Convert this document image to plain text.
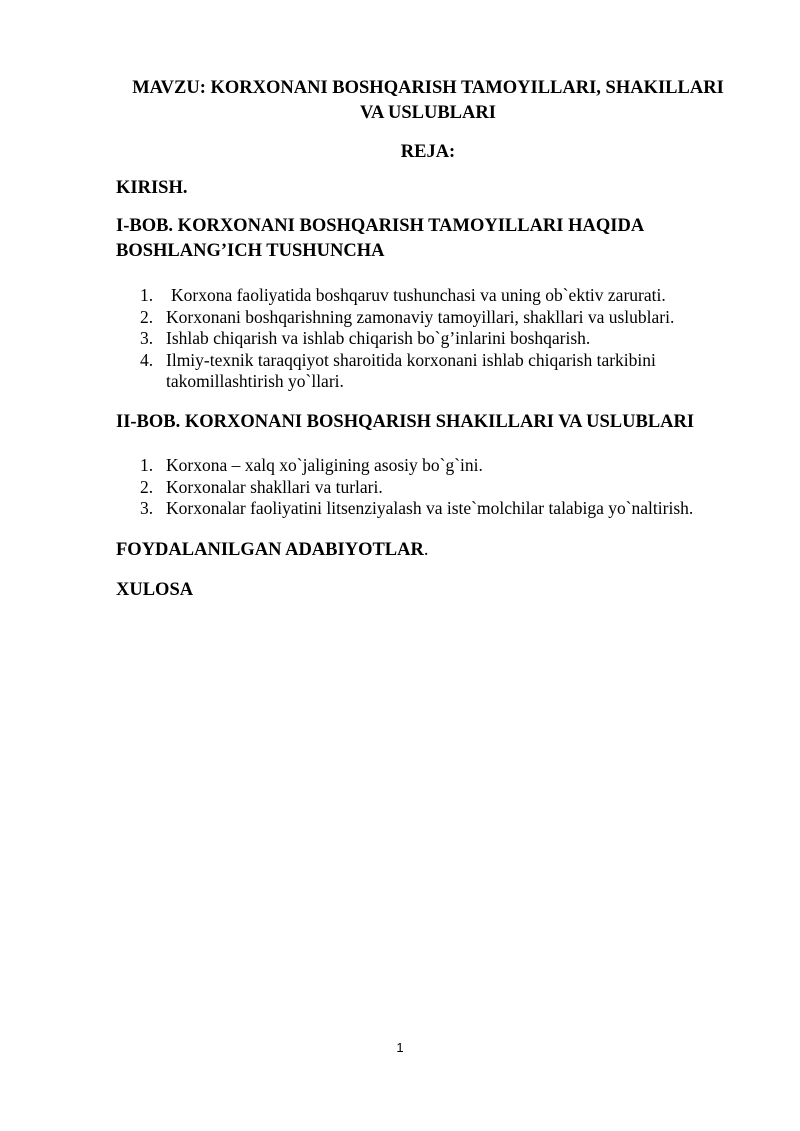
MAVZU: KORXONANI BOSHQARISH TAMOYILLARI, SHAKILLARI
VA USLUBLARI

REJA:

KIRISH.

I-BOB. KORXONANI BOSHQARISH TAMOYILLARI HAQIDA
BOSHLANG’ICH TUSHUNCHA

1. Korxona faoliyatida boshqaruv tushunchasi va uning ob`ektiv zarurati.
2. Korxonani boshqarishning zamonaviy tamoyillari, shakllari va uslublari.
3. Ishlab chiqarish va ishlab chiqarish bo`g’inlarini boshqarish.
4. Ilmiy-texnik taraqqiyot sharoitida korxonani ishlab chiqarish tarkibini
takomillashtirish yo`llari.

II-BOB. KORXONANI BOSHQARISH SHAKILLARI VA USLUBLARI

1. Korxona – xalq xo`jaligining asosiy bo`g`ini.
2. Korxonalar shakllari va turlari.
3. Korxonalar faoliyatini litsenziyalash va iste`molchilar talabiga yo`naltirish.

FOYDALANILGAN ADABIYOTLAR.

XULOSA

1
